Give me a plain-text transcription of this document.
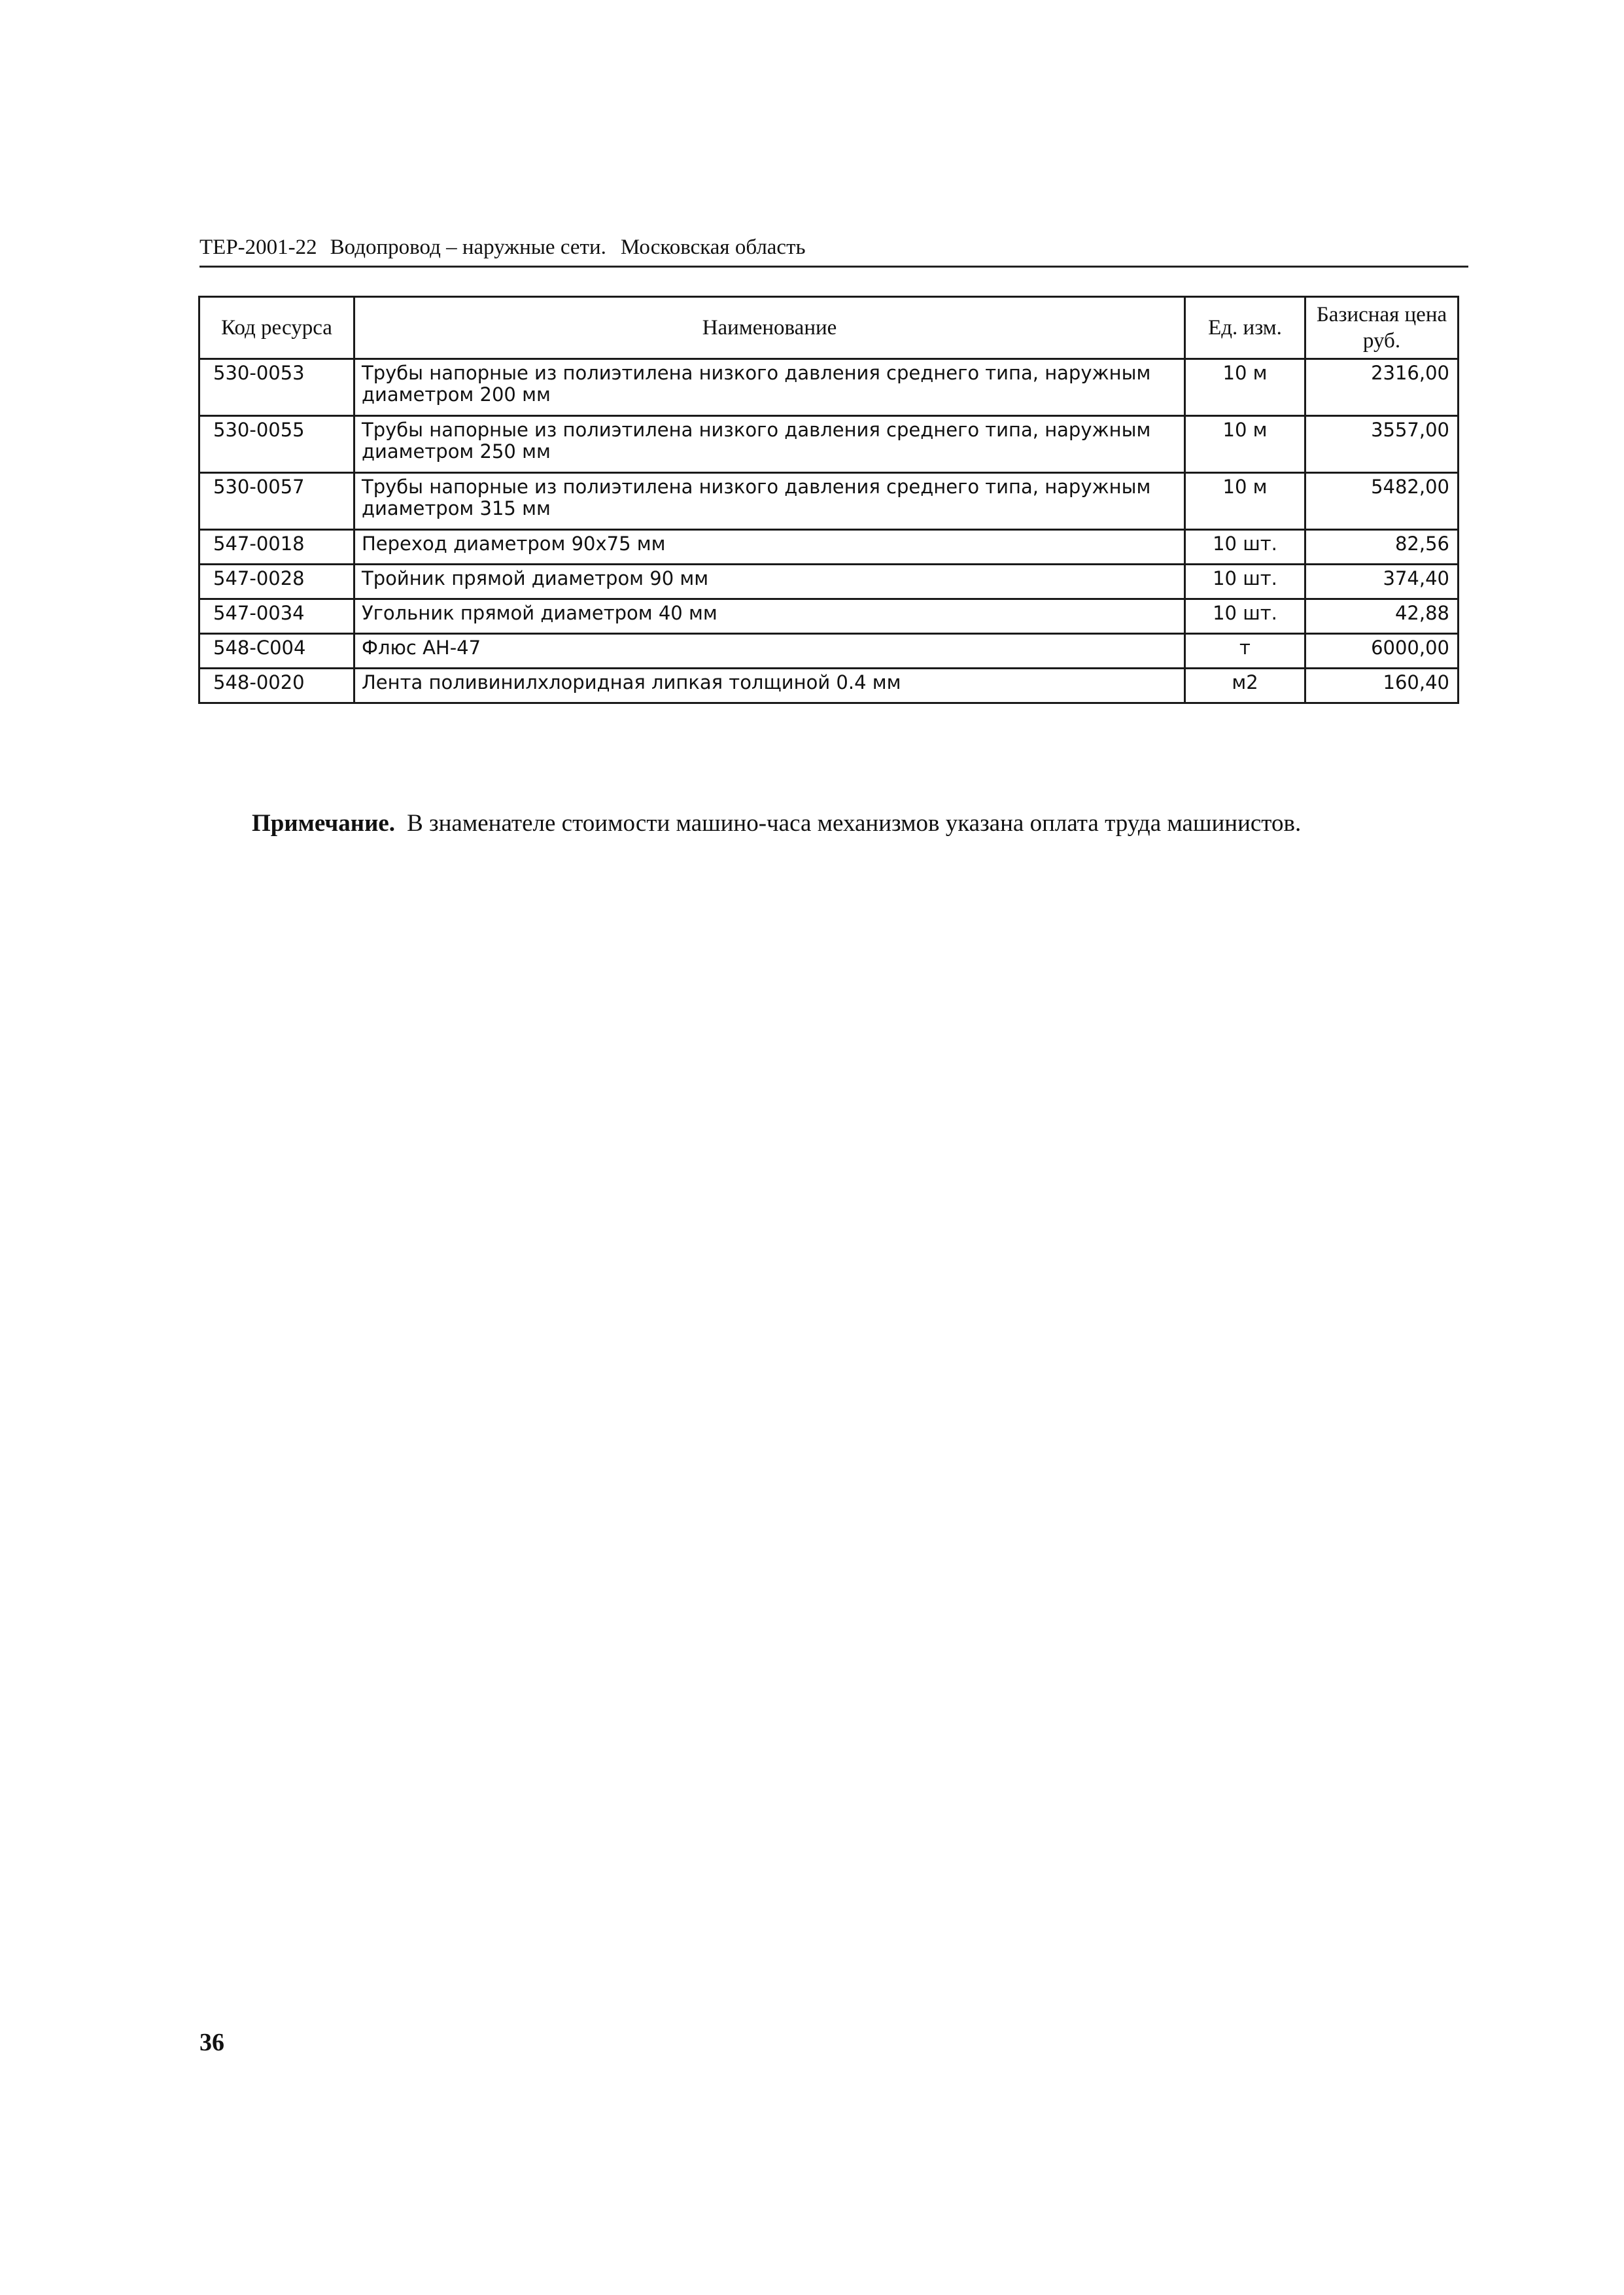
ТЕР-2001-22 Водопровод – наружные сети. Московская область
Код ресурса	Наименование	Ед. изм.	Базисная цена руб.
530-0053	Трубы напорные из полиэтилена низкого давления среднего типа, наружным диаметром 200 мм	10 м	2316,00
530-0055	Трубы напорные из полиэтилена низкого давления среднего типа, наружным диаметром 250 мм	10 м	3557,00
530-0057	Трубы напорные из полиэтилена низкого давления среднего типа, наружным диаметром 315 мм	10 м	5482,00
547-0018	Переход диаметром 90х75 мм	10 шт.	82,56
547-0028	Тройник прямой диаметром 90 мм	10 шт.	374,40
547-0034	Угольник прямой диаметром 40 мм	10 шт.	42,88
548-С004	Флюс АН-47	т	6000,00
548-0020	Лента поливинилхлоридная липкая толщиной 0.4 мм	м2	160,40
Примечание. В знаменателе стоимости машино-часа механизмов указана оплата труда машинистов.
36
